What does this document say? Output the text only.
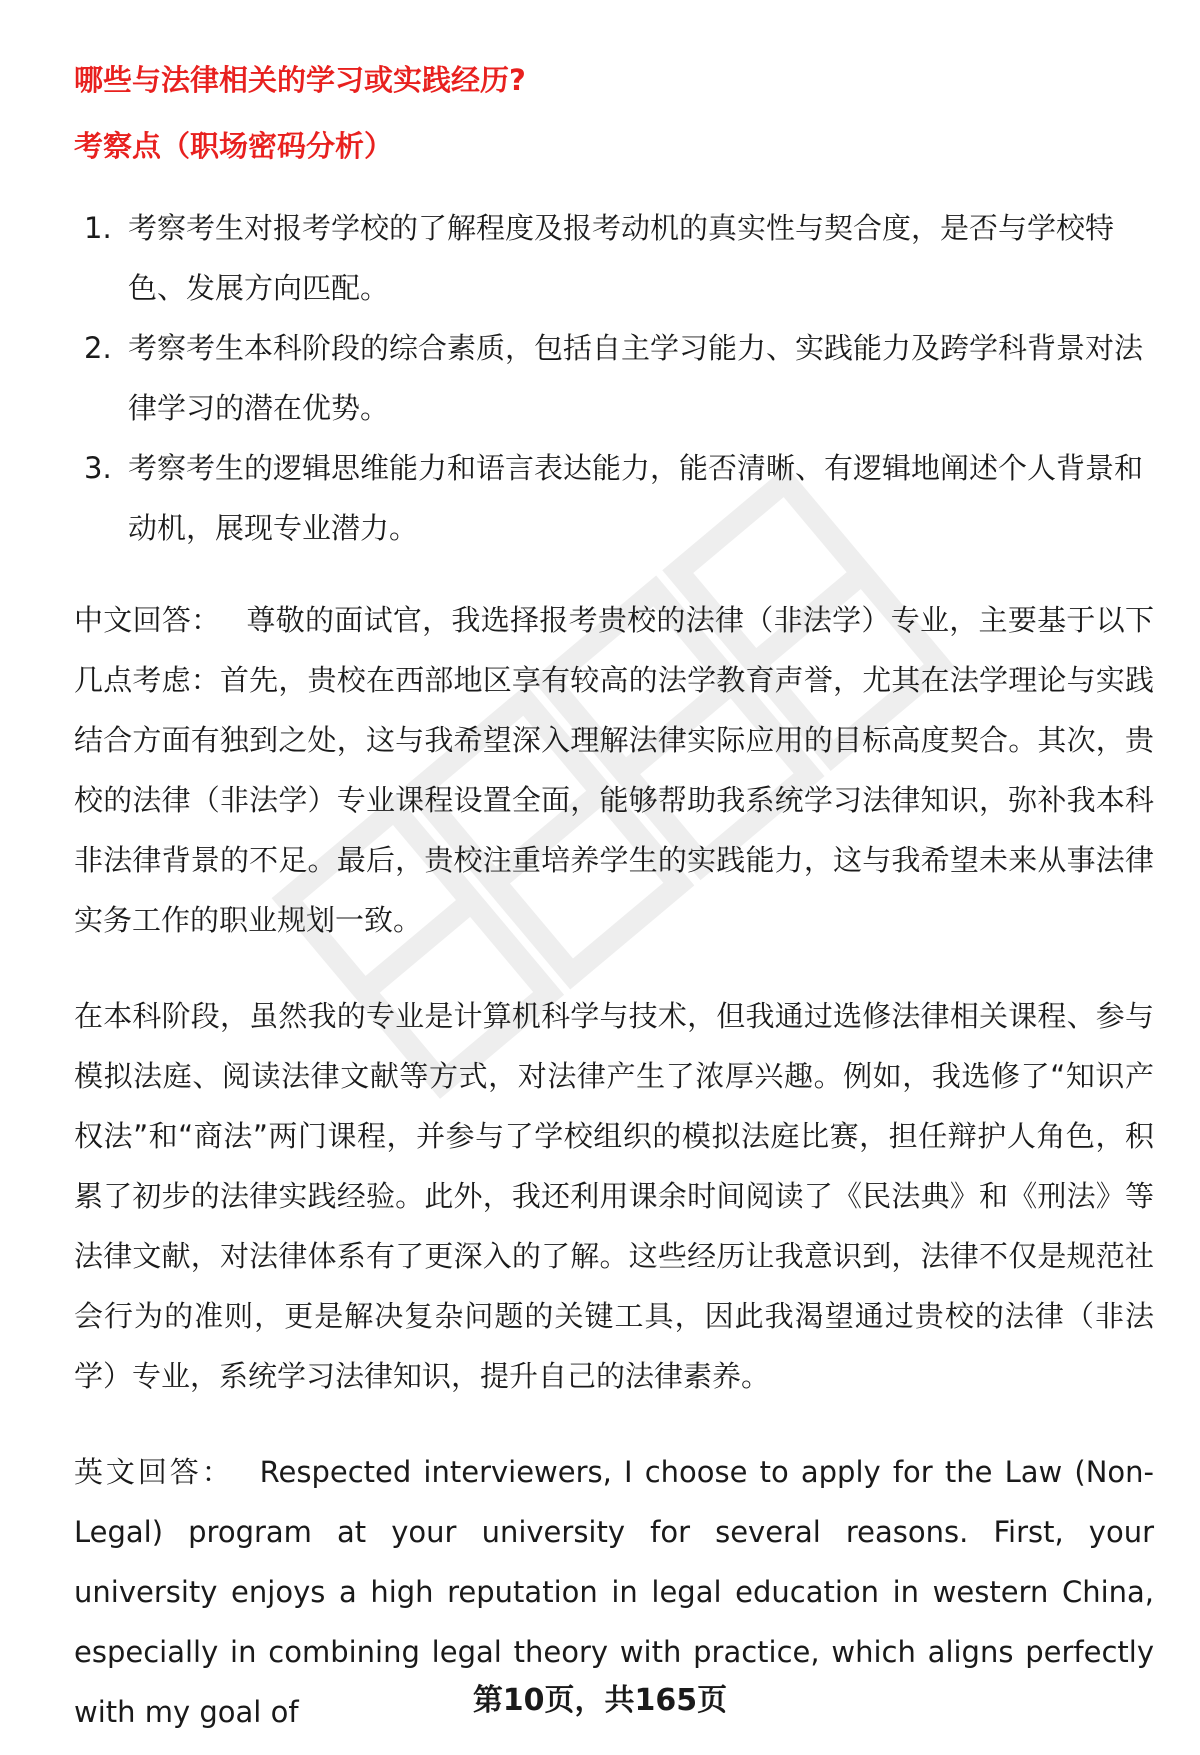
哪些与法律相关的学习或实践经历?

考察点（职场密码分析）

1. 考察考生对报考学校的了解程度及报考动机的真实性与契合度，是否与学校特色、发展方向匹配。
2. 考察考生本科阶段的综合素质，包括自主学习能力、实践能力及跨学科背景对法律学习的潜在优势。
3. 考察考生的逻辑思维能力和语言表达能力，能否清晰、有逻辑地阐述个人背景和动机，展现专业潜力。

中文回答： 尊敬的面试官，我选择报考贵校的法律（非法学）专业，主要基于以下几点考虑：首先，贵校在西部地区享有较高的法学教育声誉，尤其在法学理论与实践结合方面有独到之处，这与我希望深入理解法律实际应用的目标高度契合。其次，贵校的法律（非法学）专业课程设置全面，能够帮助我系统学习法律知识，弥补我本科非法律背景的不足。最后，贵校注重培养学生的实践能力，这与我希望未来从事法律实务工作的职业规划一致。

在本科阶段，虽然我的专业是计算机科学与技术，但我通过选修法律相关课程、参与模拟法庭、阅读法律文献等方式，对法律产生了浓厚兴趣。例如，我选修了“知识产权法”和“商法”两门课程，并参与了学校组织的模拟法庭比赛，担任辩护人角色，积累了初步的法律实践经验。此外，我还利用课余时间阅读了《民法典》和《刑法》等法律文献，对法律体系有了更深入的了解。这些经历让我意识到，法律不仅是规范社会行为的准则，更是解决复杂问题的关键工具，因此我渴望通过贵校的法律（非法学）专业，系统学习法律知识，提升自己的法律素养。

英文回答： Respected interviewers, I choose to apply for the Law (Non-Legal) program at your university for several reasons. First, your university enjoys a high reputation in legal education in western China, especially in combining legal theory with practice, which aligns perfectly with my goal of	第10页，共165页
